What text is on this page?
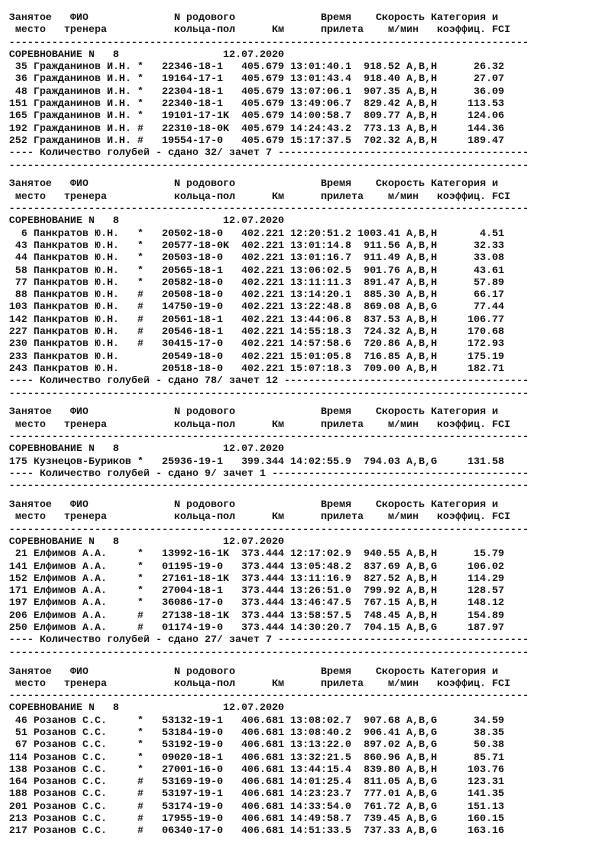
Занятое   ФИО              N родового              Время    Скорость Категория и
место   тренера           кольца-пол      Км      прилета    м/мин   коэффиц. FCI
-------------------------------------------------------------------------------------
СОРЕВНОВАНИЕ N   8	12.07.2020
35 Гражданинов И.Н. *   22346-18-1   405.679 13:01:40.1  918.52 A,B,H      26.32
36 Гражданинов И.Н. *   19164-17-1   405.679 13:01:43.4  918.40 A,B,H      27.07
48 Гражданинов И.Н. *   22304-18-1   405.679 13:07:06.1  907.35 A,B,H      36.09
151 Гражданинов И.Н. *   22340-18-1   405.679 13:49:06.7  829.42 A,B,H     113.53
165 Гражданинов И.Н. *   19101-17-1K  405.679 14:00:58.7  809.77 A,B,H     124.06
192 Гражданинов И.Н. #   22310-18-0K  405.679 14:24:43.2  773.13 A,B,H     144.36
252 Гражданинов И.Н. #   19554-17-0   405.679 15:17:37.5  702.32 A,B,H     189.47
---- Количество голубей - сдано 32/ зачет 7 -----------------------------------------
-------------------------------------------------------------------------------------
Занятое   ФИО              N родового              Время    Скорость Категория и
место   тренера           кольца-пол      Км      прилета    м/мин   коэффиц. FCI
-------------------------------------------------------------------------------------
СОРЕВНОВАНИЕ N   8	12.07.2020
6 Панкратов Ю.Н.   *   20502-18-0   402.221 12:20:51.2 1003.41 A,B,H       4.51
43 Панкратов Ю.Н.   *   20577-18-0K  402.221 13:01:14.8  911.56 A,B,H      32.33
44 Панкратов Ю.Н.   *   20503-18-0   402.221 13:01:16.7  911.49 A,B,H      33.08
58 Панкратов Ю.Н.   *   20565-18-1   402.221 13:06:02.5  901.76 A,B,H      43.61
77 Панкратов Ю.Н.   *   20582-18-0   402.221 13:11:11.3  891.47 A,B,H      57.89
88 Панкратов Ю.Н.   #   20508-18-0   402.221 13:14:20.1  885.30 A,B,H      66.17
103 Панкратов Ю.Н.   #   14750-19-0   402.221 13:22:48.8  869.08 A,B,G      77.44
142 Панкратов Ю.Н.   #   20561-18-1   402.221 13:44:06.8  837.53 A,B,H     106.77
227 Панкратов Ю.Н.   #   20546-18-1   402.221 14:55:18.3  724.32 A,B,H     170.68
230 Панкратов Ю.Н.   #   30415-17-0   402.221 14:57:58.6  720.86 A,B,H     172.93
233 Панкратов Ю.Н.       20549-18-0   402.221 15:01:05.8  716.85 A,B,H     175.19
243 Панкратов Ю.Н.       20518-18-0   402.221 15:07:18.3  709.00 A,B,H     182.71
---- Количество голубей - сдано 78/ зачет 12 ----------------------------------------
-------------------------------------------------------------------------------------
Занятое   ФИО              N родового              Время    Скорость Категория и
место   тренера           кольца-пол      Км      прилета    м/мин   коэффиц. FCI
-------------------------------------------------------------------------------------
СОРЕВНОВАНИЕ N   8	12.07.2020
175 Кузнецов-Буриков *   25936-19-1   399.344 14:02:55.9  794.03 A,B,G     131.58
---- Количество голубей - сдано 9/ зачет 1 ------------------------------------------
-------------------------------------------------------------------------------------
Занятое   ФИО              N родового              Время    Скорость Категория и
место   тренера           кольца-пол      Км      прилета    м/мин   коэффиц. FCI
-------------------------------------------------------------------------------------
СОРЕВНОВАНИЕ N   8	12.07.2020
21 Елфимов А.А.     *   13992-16-1K  373.444 12:17:02.9  940.55 A,B,H      15.79
141 Елфимов А.А.     *   01195-19-0   373.444 13:05:48.2  837.69 A,B,G     106.02
152 Елфимов А.А.     *   27161-18-1K  373.444 13:11:16.9  827.52 A,B,H     114.29
171 Елфимов А.А.     *   27004-18-1   373.444 13:26:51.0  799.92 A,B,H     128.57
197 Елфимов А.А.     *   36086-17-0   373.444 13:46:47.5  767.15 A,B,H     148.12
206 Елфимов А.А.     #   27138-18-1K  373.444 13:58:57.5  748.45 A,B,H     154.89
250 Елфимов А.А.     #   01174-19-0   373.444 14:30:20.7  704.15 A,B,G     187.97
---- Количество голубей - сдано 27/ зачет 7 -----------------------------------------
-------------------------------------------------------------------------------------
Занятое   ФИО              N родового              Время    Скорость Категория и
место   тренера           кольца-пол      Км      прилета    м/мин   коэффиц. FCI
-------------------------------------------------------------------------------------
СОРЕВНОВАНИЕ N   8	12.07.2020
46 Розанов С.С.     *   53132-19-1   406.681 13:08:02.7  907.68 A,B,G      34.59
51 Розанов С.С.     *   53184-19-0   406.681 13:08:40.2  906.41 A,B,G      38.35
67 Розанов С.С.     *   53192-19-0   406.681 13:13:22.0  897.02 A,B,G      50.38
114 Розанов С.С.     *   09020-18-1   406.681 13:32:21.5  860.96 A,B,H      85.71
138 Розанов С.С.     *   27001-16-0   406.681 13:44:15.4  839.80 A,B,H     103.76
164 Розанов С.С.     #   53169-19-0   406.681 14:01:25.4  811.05 A,B,G     123.31
188 Розанов С.С.     #   53197-19-1   406.681 14:23:23.7  777.01 A,B,G     141.35
201 Розанов С.С.     #   53174-19-0   406.681 14:33:54.0  761.72 A,B,G     151.13
213 Розанов С.С.     #   17955-19-0   406.681 14:49:58.7  739.45 A,B,G     160.15
217 Розанов С.С.     #   06340-17-0   406.681 14:51:33.5  737.33 A,B,G     163.16
